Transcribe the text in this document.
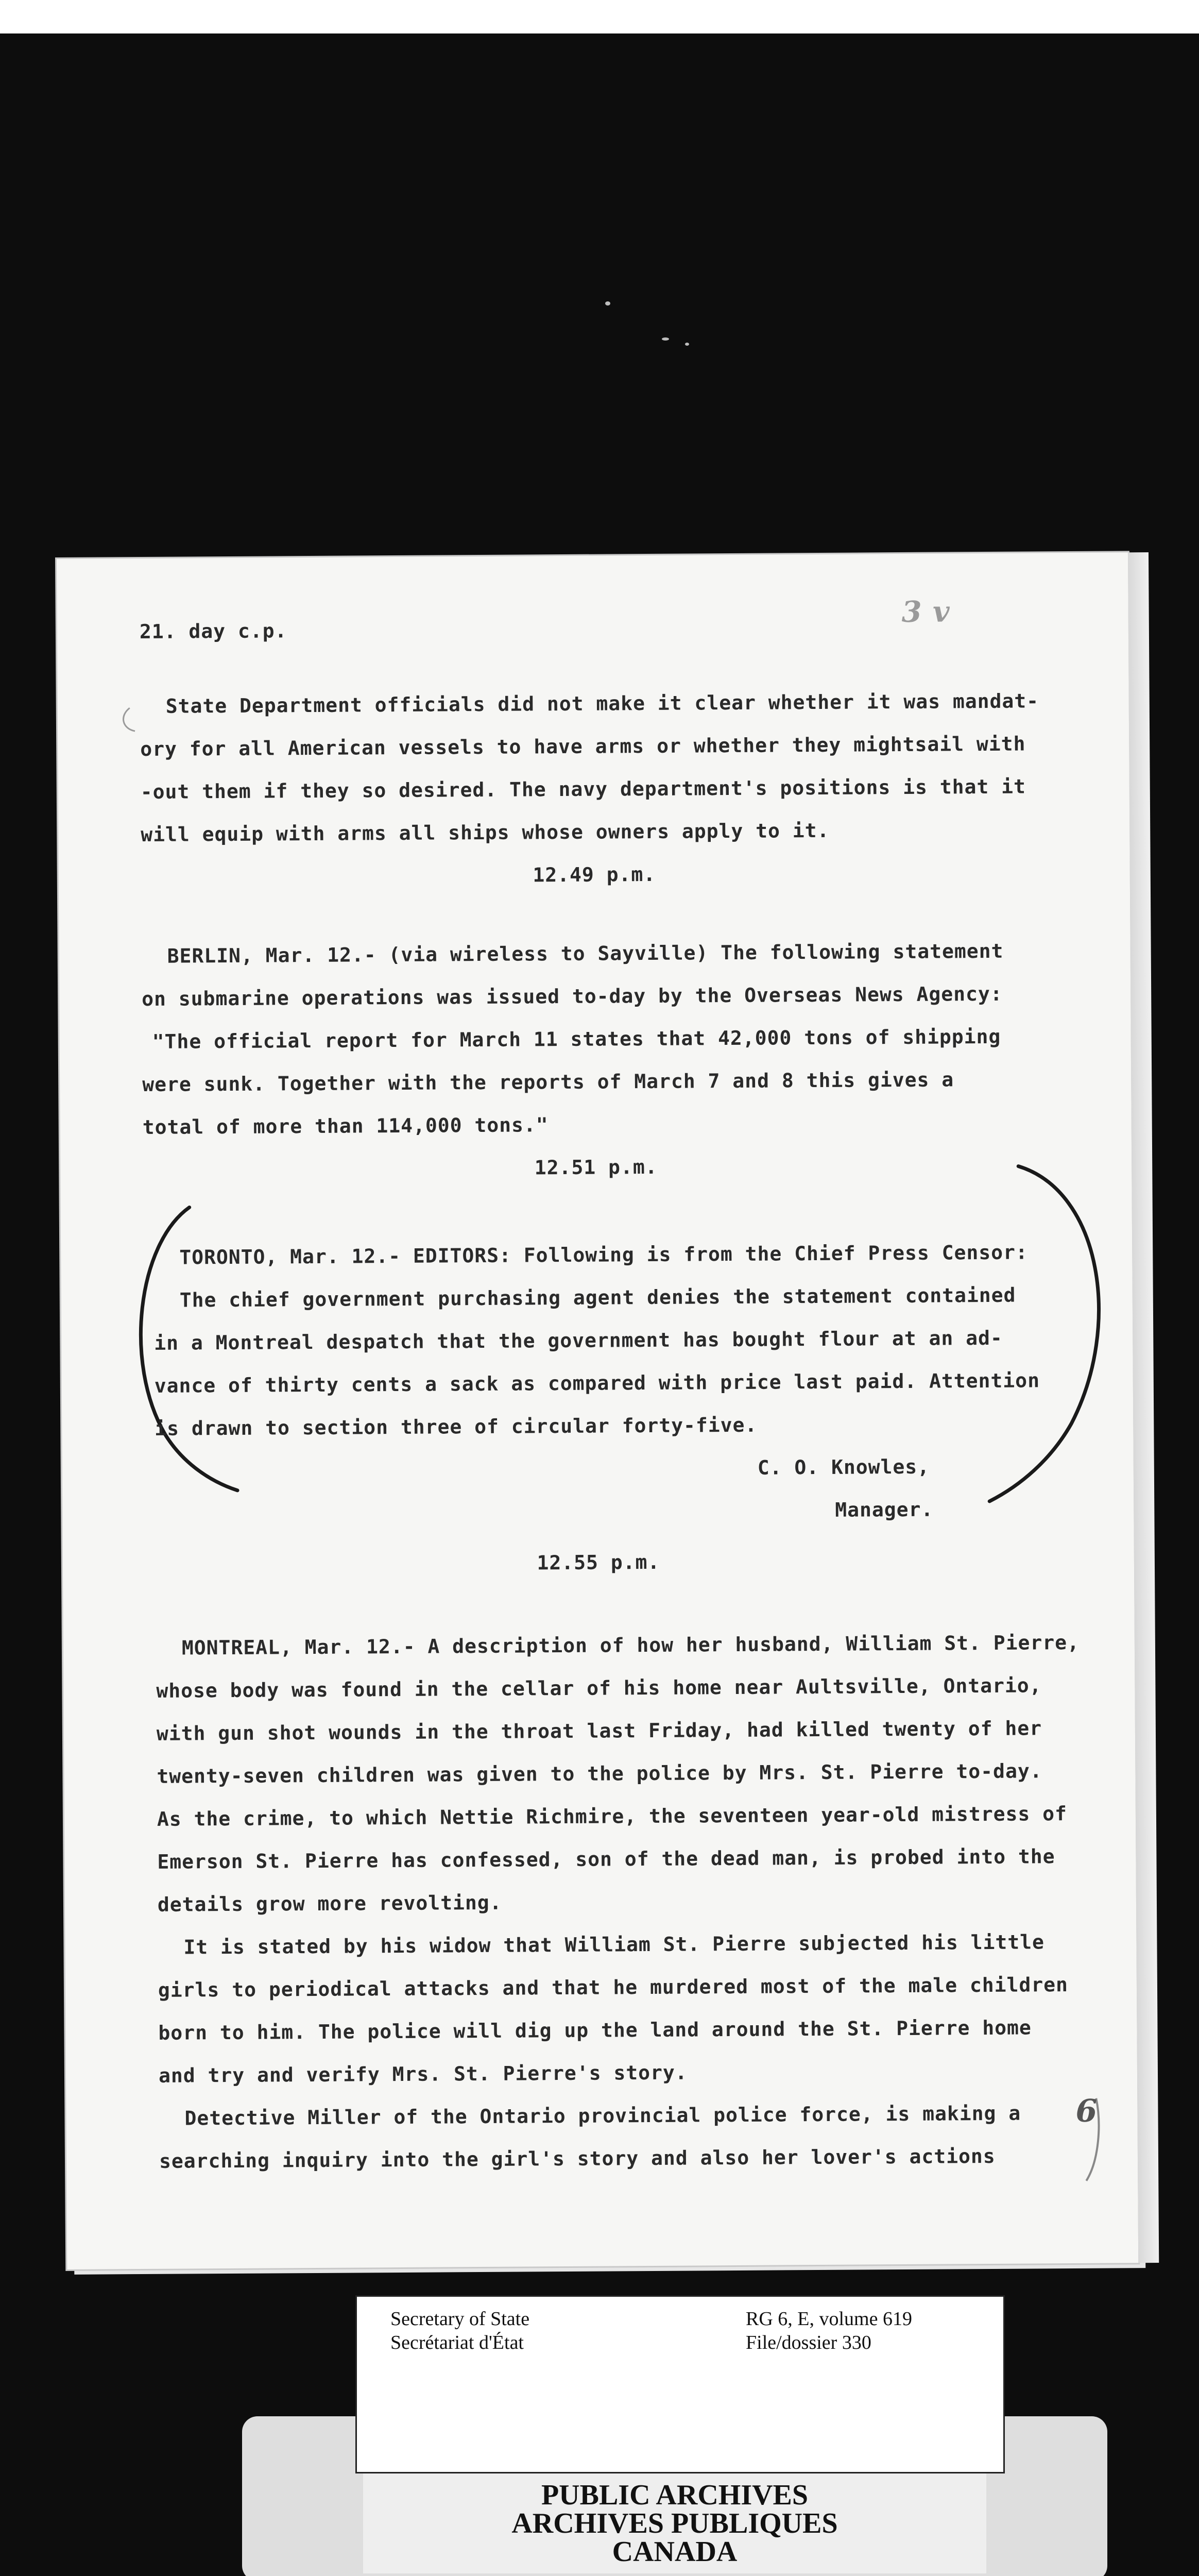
21. day c.p.

3 v

State Department officials did not make it clear whether it was mandat-

ory for all American vessels to have arms or whether they mightsail with

-out them if they so desired. The navy department's positions is that it

will equip with arms all ships whose owners apply to it.

12.49 p.m.

BERLIN, Mar. 12.- (via wireless to Sayville) The following statement

on submarine operations was issued to-day by the Overseas News Agency:

"The official report for March 11 states that 42,000 tons of shipping

were sunk. Together with the reports of March 7 and 8 this gives a

total of more than 114,000 tons."

12.51 p.m.

TORONTO, Mar. 12.- EDITORS: Following is from the Chief Press Censor:

The chief government purchasing agent denies the statement contained

in a Montreal despatch that the government has bought flour at an ad-

vance of thirty cents a sack as compared with price last paid. Attention

is drawn to section three of circular forty-five.

C. O. Knowles,

Manager.

12.55 p.m.

MONTREAL, Mar. 12.- A description of how her husband, William St. Pierre,

whose body was found in the cellar of his home near Aultsville, Ontario,

with gun shot wounds in the throat last Friday, had killed twenty of her

twenty-seven children was given to the police by Mrs. St. Pierre to-day.

As the crime, to which Nettie Richmire, the seventeen year-old mistress of

Emerson St. Pierre has confessed, son of the dead man, is probed into the

details grow more revolting.

It is stated by his widow that William St. Pierre subjected his little

girls to periodical attacks and that he murdered most of the male children

born to him. The police will dig up the land around the St. Pierre home

and try and verify Mrs. St. Pierre's story.

Detective Miller of the Ontario provincial police force, is making a

searching inquiry into the girl's story and also her lover's actions

6

PUBLIC ARCHIVES
ARCHIVES PUBLIQUES
CANADA
Secretary of State
Secrétariat d'État
RG 6, E, volume 619
File/dossier 330
